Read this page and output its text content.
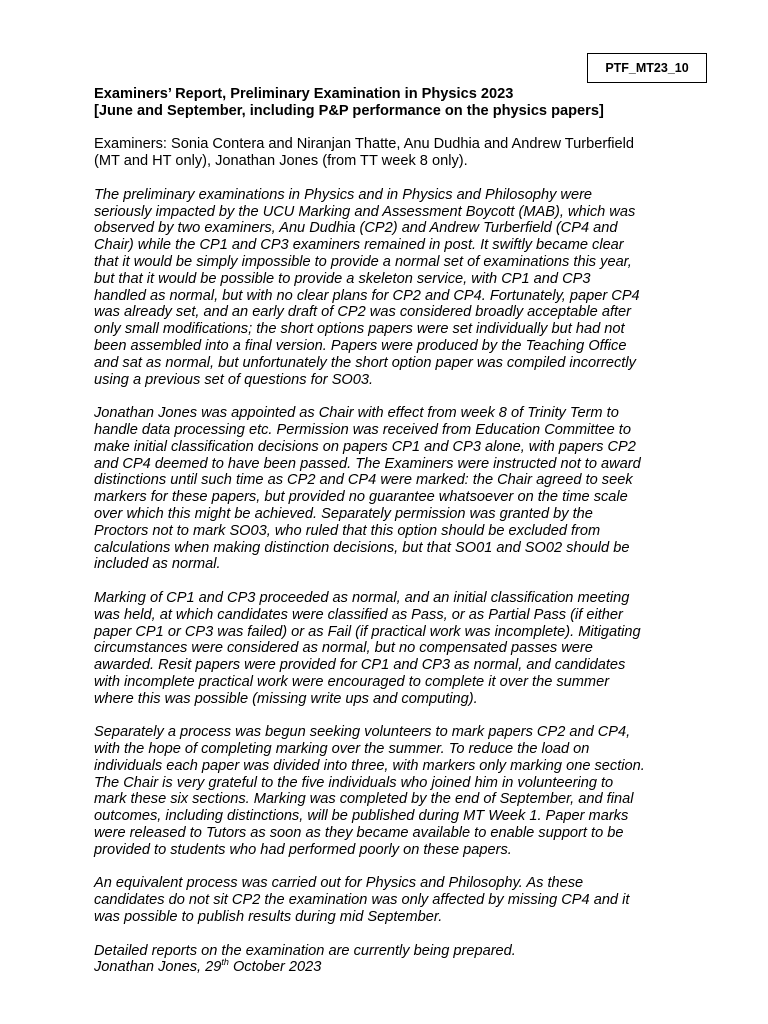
PTF_MT23_10
Examiners’ Report, Preliminary Examination in Physics 2023
[June and September, including P&P performance on the physics papers]
Examiners: Sonia Contera and Niranjan Thatte, Anu Dudhia and Andrew Turberfield
(MT and HT only), Jonathan Jones (from TT week 8 only).
The preliminary examinations in Physics and in Physics and Philosophy were
seriously impacted by the UCU Marking and Assessment Boycott (MAB), which was
observed by two examiners, Anu Dudhia (CP2) and Andrew Turberfield (CP4 and
Chair) while the CP1 and CP3 examiners remained in post. It swiftly became clear
that it would be simply impossible to provide a normal set of examinations this year,
but that it would be possible to provide a skeleton service, with CP1 and CP3
handled as normal, but with no clear plans for CP2 and CP4. Fortunately, paper CP4
was already set, and an early draft of CP2 was considered broadly acceptable after
only small modifications; the short options papers were set individually but had not
been assembled into a final version. Papers were produced by the Teaching Office
and sat as normal, but unfortunately the short option paper was compiled incorrectly
using a previous set of questions for SO03.
Jonathan Jones was appointed as Chair with effect from week 8 of Trinity Term to
handle data processing etc. Permission was received from Education Committee to
make initial classification decisions on papers CP1 and CP3 alone, with papers CP2
and CP4 deemed to have been passed. The Examiners were instructed not to award
distinctions until such time as CP2 and CP4 were marked: the Chair agreed to seek
markers for these papers, but provided no guarantee whatsoever on the time scale
over which this might be achieved. Separately permission was granted by the
Proctors not to mark SO03, who ruled that this option should be excluded from
calculations when making distinction decisions, but that SO01 and SO02 should be
included as normal.
Marking of CP1 and CP3 proceeded as normal, and an initial classification meeting
was held, at which candidates were classified as Pass, or as Partial Pass (if either
paper CP1 or CP3 was failed) or as Fail (if practical work was incomplete). Mitigating
circumstances were considered as normal, but no compensated passes were
awarded. Resit papers were provided for CP1 and CP3 as normal, and candidates
with incomplete practical work were encouraged to complete it over the summer
where this was possible (missing write ups and computing).
Separately a process was begun seeking volunteers to mark papers CP2 and CP4,
with the hope of completing marking over the summer. To reduce the load on
individuals each paper was divided into three, with markers only marking one section.
The Chair is very grateful to the five individuals who joined him in volunteering to
mark these six sections. Marking was completed by the end of September, and final
outcomes, including distinctions, will be published during MT Week 1. Paper marks
were released to Tutors as soon as they became available to enable support to be
provided to students who had performed poorly on these papers.
An equivalent process was carried out for Physics and Philosophy. As these
candidates do not sit CP2 the examination was only affected by missing CP4 and it
was possible to publish results during mid September.
Detailed reports on the examination are currently being prepared.
Jonathan Jones, 29th October 2023
